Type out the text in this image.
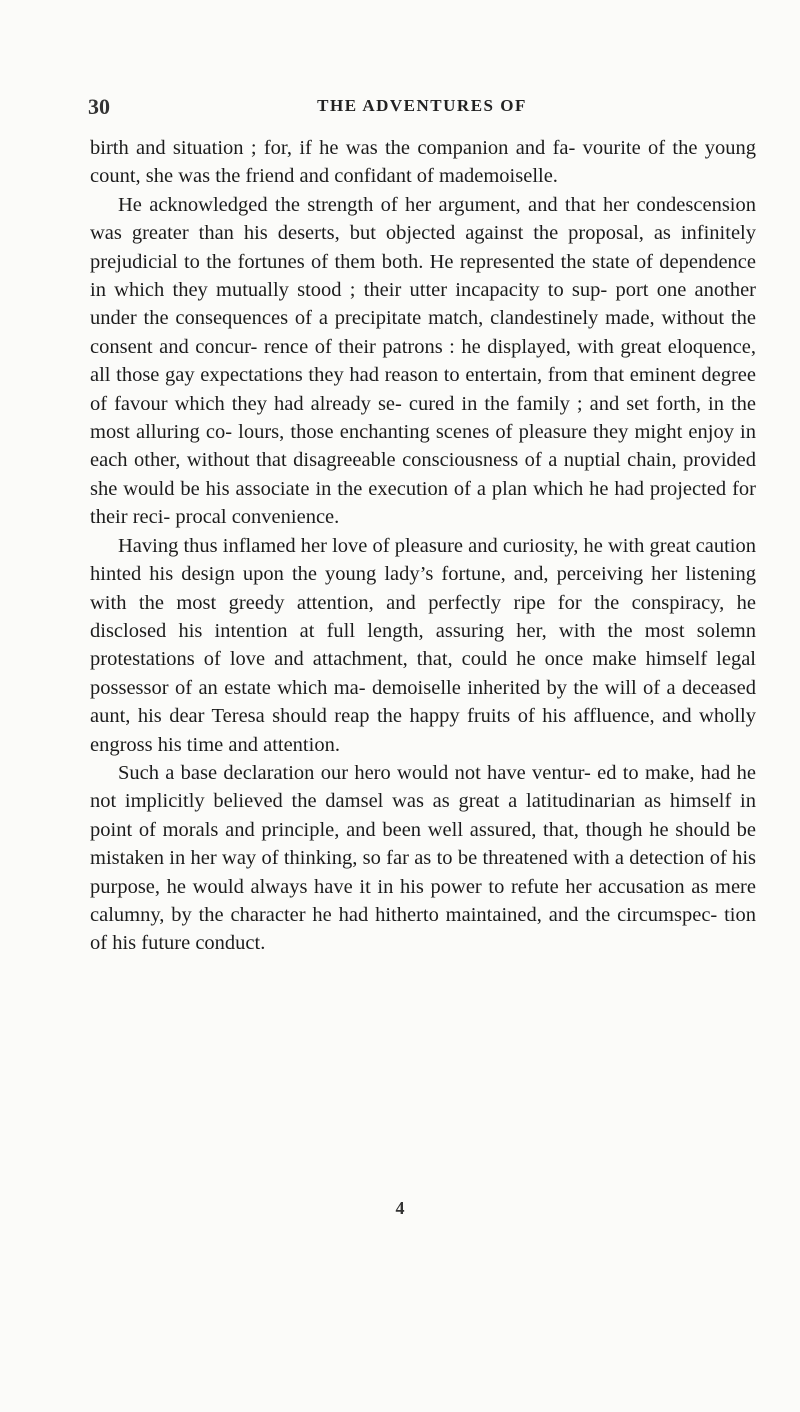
30	THE ADVENTURES OF

birth and situation ; for, if he was the companion and fa- vourite of the young count, she was the friend and confidant of mademoiselle.

He acknowledged the strength of her argument, and that her condescension was greater than his deserts, but objected against the proposal, as infinitely prejudicial to the fortunes of them both. He represented the state of dependence in which they mutually stood ; their utter incapacity to sup- port one another under the consequences of a precipitate match, clandestinely made, without the consent and concur- rence of their patrons : he displayed, with great eloquence, all those gay expectations they had reason to entertain, from that eminent degree of favour which they had already se- cured in the family ; and set forth, in the most alluring co- lours, those enchanting scenes of pleasure they might enjoy in each other, without that disagreeable consciousness of a nuptial chain, provided she would be his associate in the execution of a plan which he had projected for their reci- procal convenience.

Having thus inflamed her love of pleasure and curiosity, he with great caution hinted his design upon the young lady’s fortune, and, perceiving her listening with the most greedy attention, and perfectly ripe for the conspiracy, he disclosed his intention at full length, assuring her, with the most solemn protestations of love and attachment, that, could he once make himself legal possessor of an estate which ma- demoiselle inherited by the will of a deceased aunt, his dear Teresa should reap the happy fruits of his affluence, and wholly engross his time and attention.

Such a base declaration our hero would not have ventur- ed to make, had he not implicitly believed the damsel was as great a latitudinarian as himself in point of morals and principle, and been well assured, that, though he should be mistaken in her way of thinking, so far as to be threatened with a detection of his purpose, he would always have it in his power to refute her accusation as mere calumny, by the character he had hitherto maintained, and the circumspec- tion of his future conduct.

4
